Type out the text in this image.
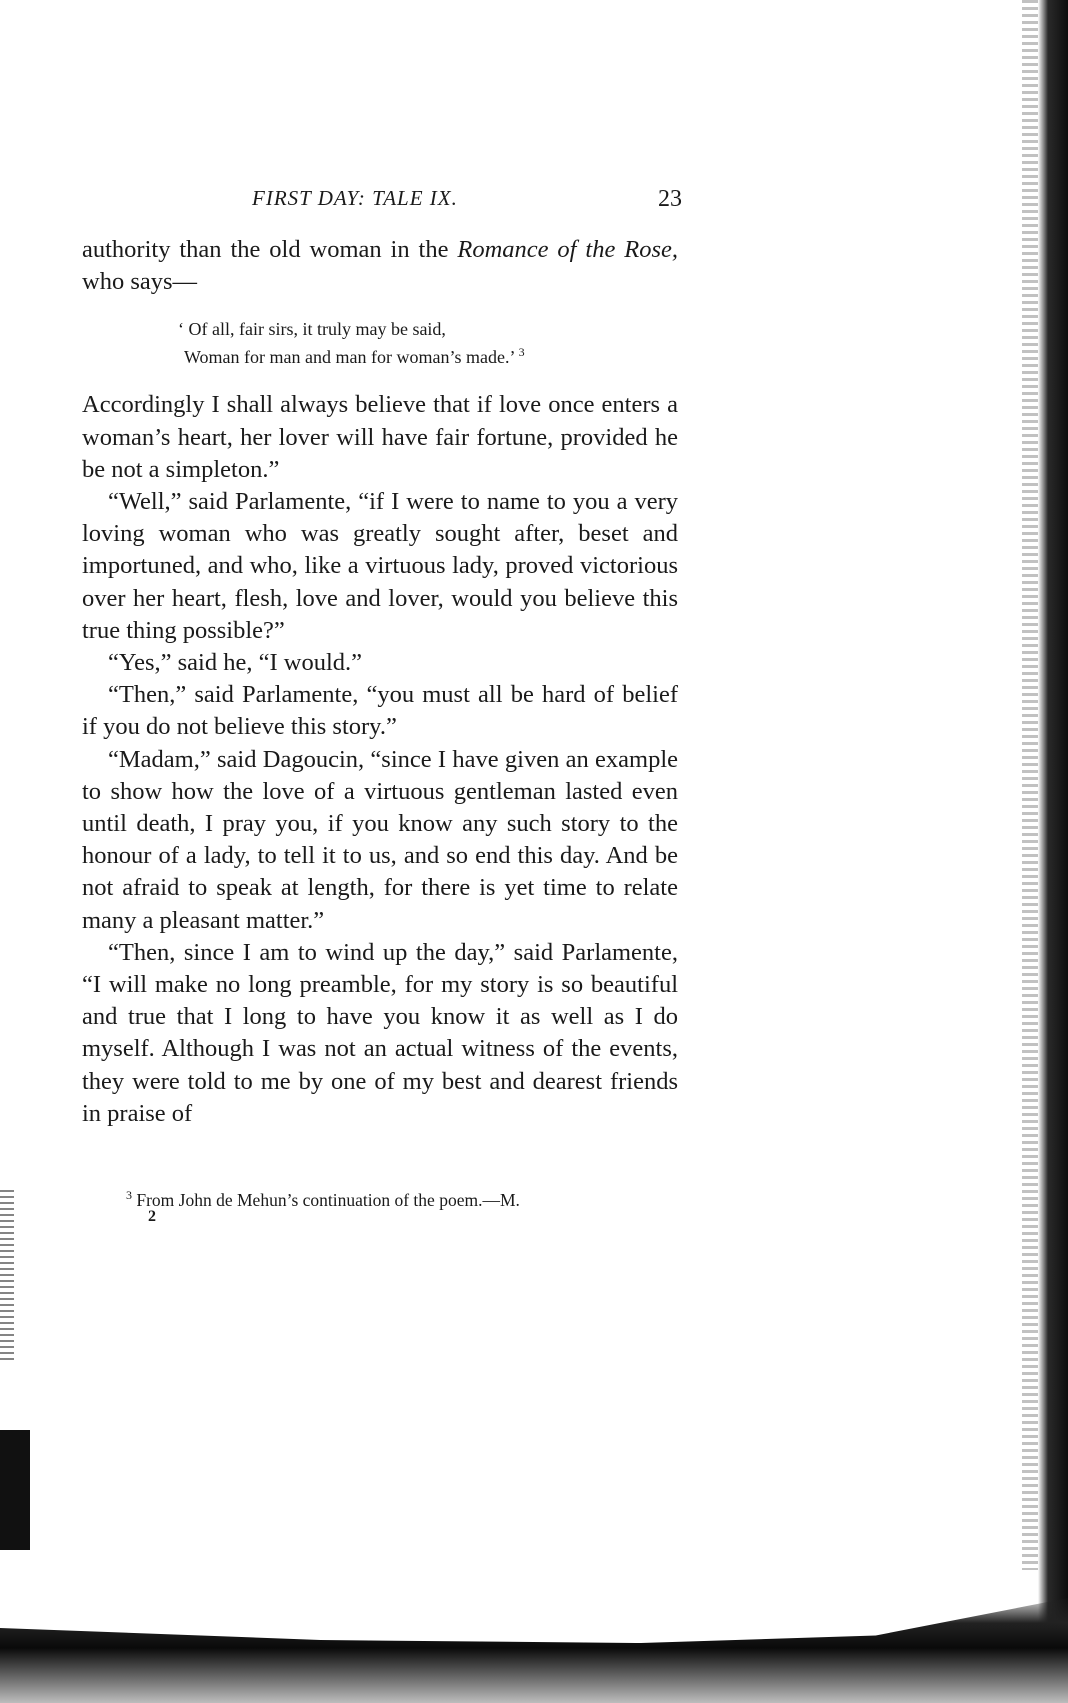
FIRST DAY: TALE IX.	23

authority than the old woman in the Romance of the Rose, who says—

‘ Of all, fair sirs, it truly may be said,
Woman for man and man for woman’s made.’ $^3$

Accordingly I shall always believe that if love once enters a woman’s heart, her lover will have fair fortune, provided he be not a simpleton.”

“Well,” said Parlamente, “if I were to name to you a very loving woman who was greatly sought after, beset and importuned, and who, like a virtuous lady, proved victorious over her heart, flesh, love and lover, would you believe this true thing possible?”

“Yes,” said he, “I would.”

“Then,” said Parlamente, “you must all be hard of belief if you do not believe this story.”

“Madam,” said Dagoucin, “since I have given an example to show how the love of a virtuous gentleman lasted even until death, I pray you, if you know any such story to the honour of a lady, to tell it to us, and so end this day. And be not afraid to speak at length, for there is yet time to relate many a pleasant matter.”

“Then, since I am to wind up the day,” said Parlamente, “I will make no long preamble, for my story is so beautiful and true that I long to have you know it as well as I do myself. Although I was not an actual witness of the events, they were told to me by one of my best and dearest friends in praise of

$^3$ From John de Mehun’s continuation of the poem.—M.
2
